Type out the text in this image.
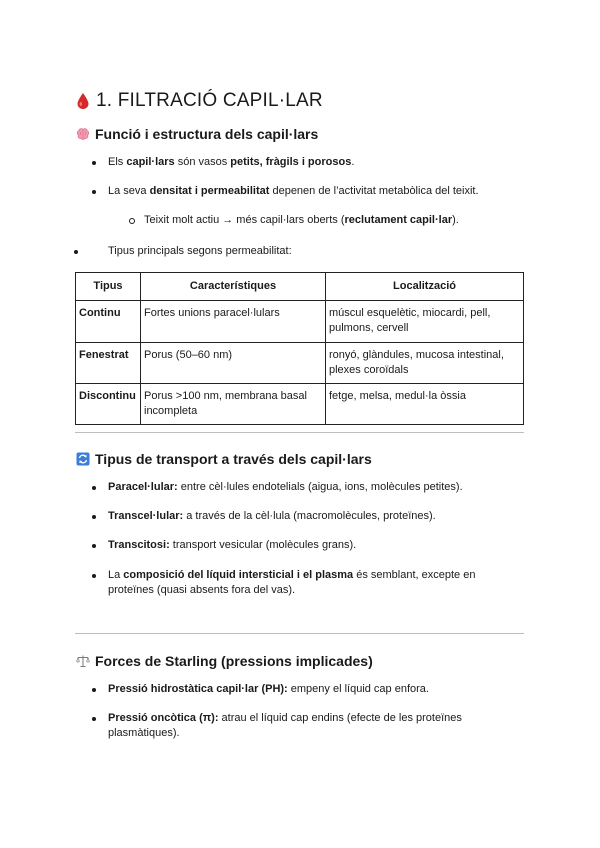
1. FILTRACIÓ CAPIL·LAR
Funció i estructura dels capil·lars
Els capil·lars són vasos petits, fràgils i porosos.
La seva densitat i permeabilitat depenen de l’activitat metabòlica del teixit.
Teixit molt actiu → més capil·lars oberts (reclutament capil·lar).
Tipus principals segons permeabilitat:
Tipus	Característiques	Localització
Continu	Fortes unions paracel·lulars	múscul esquelètic, miocardi, pell, pulmons, cervell
Fenestrat	Porus (50–60 nm)	ronyó, glàndules, mucosa intestinal, plexes coroïdals
Discontinu	Porus >100 nm, membrana basal incompleta	fetge, melsa, medul·la òssia
Tipus de transport a través dels capil·lars
Paracel·lular: entre cèl·lules endotelials (aigua, ions, molècules petites).
Transcel·lular: a través de la cèl·lula (macromolècules, proteïnes).
Transcitosi: transport vesicular (molècules grans).
La composició del líquid intersticial i el plasma és semblant, excepte en proteïnes (quasi absents fora del vas).
Forces de Starling (pressions implicades)
Pressió hidrostàtica capil·lar (PH): empeny el líquid cap enfora.
Pressió oncòtica (π): atrau el líquid cap endins (efecte de les proteïnes plasmàtiques).
